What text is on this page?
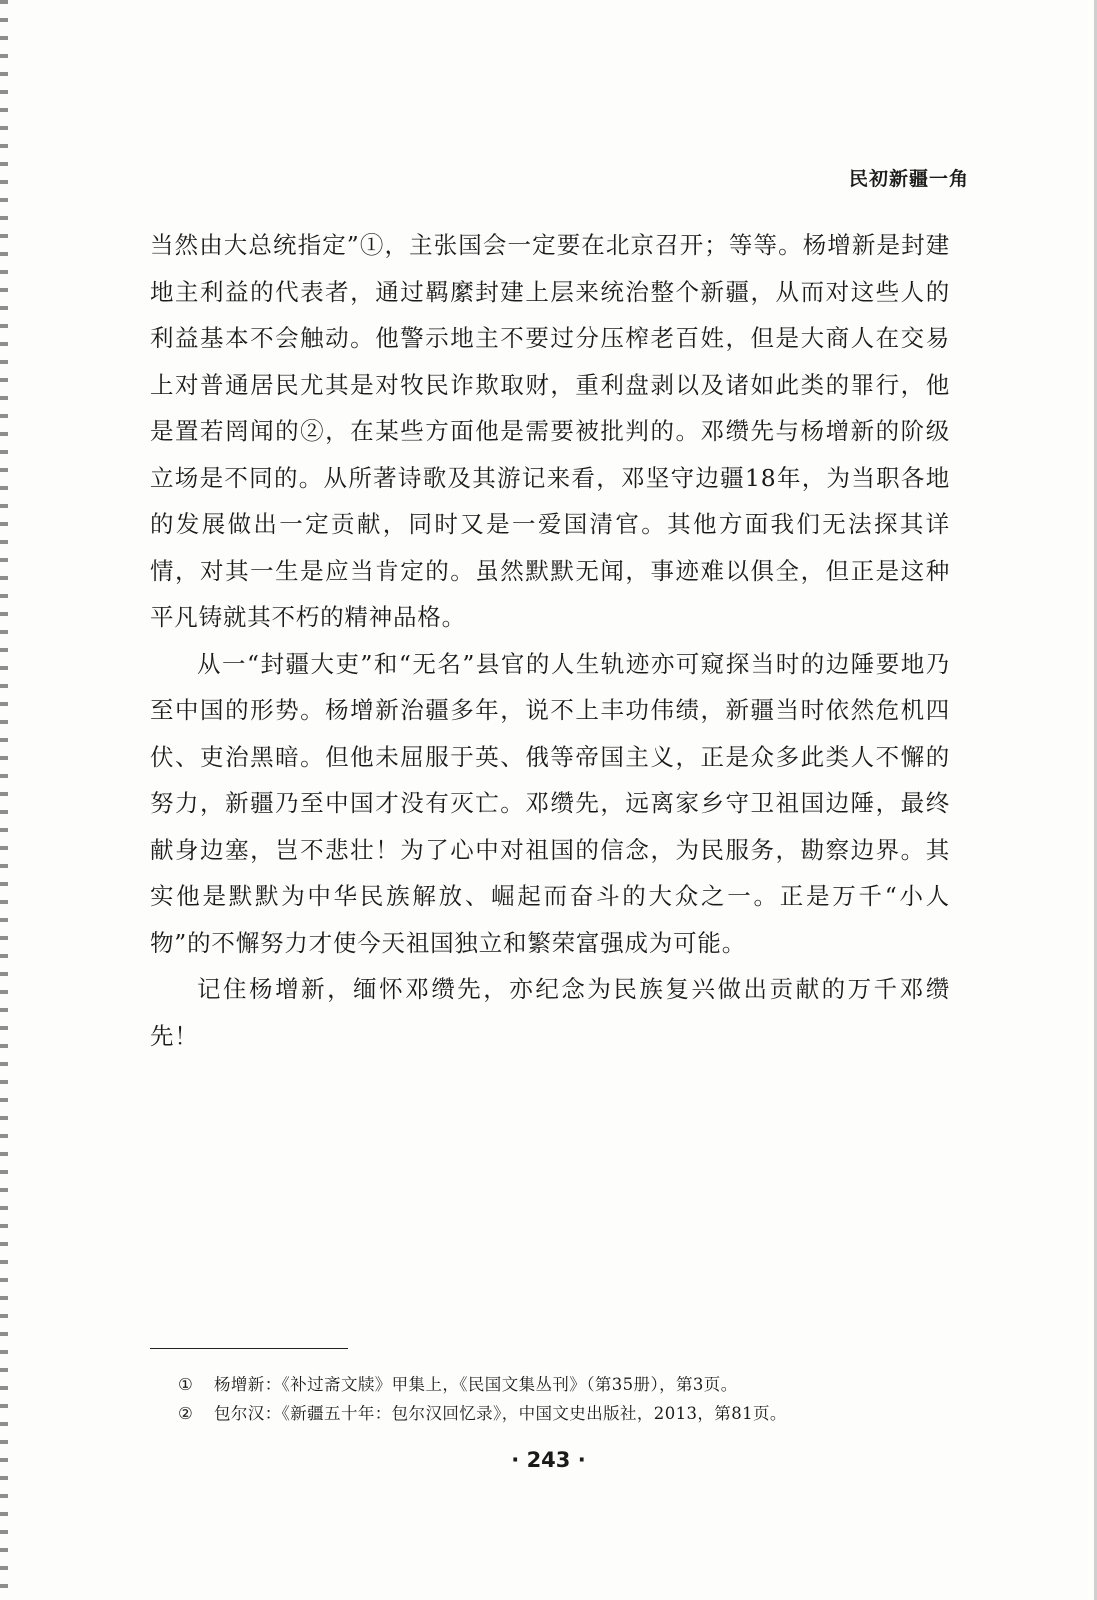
民初新疆一角

当然由大总统指定”①，主张国会一定要在北京召开；等等。杨增新是封建地主利益的代表者，通过羁縻封建上层来统治整个新疆，从而对这些人的利益基本不会触动。他警示地主不要过分压榨老百姓，但是大商人在交易上对普通居民尤其是对牧民诈欺取财，重利盘剥以及诸如此类的罪行，他是置若罔闻的②，在某些方面他是需要被批判的。邓缵先与杨增新的阶级立场是不同的。从所著诗歌及其游记来看，邓坚守边疆18年，为当职各地的发展做出一定贡献，同时又是一爱国清官。其他方面我们无法探其详情，对其一生是应当肯定的。虽然默默无闻，事迹难以俱全，但正是这种平凡铸就其不朽的精神品格。

从一“封疆大吏”和“无名”县官的人生轨迹亦可窥探当时的边陲要地乃至中国的形势。杨增新治疆多年，说不上丰功伟绩，新疆当时依然危机四伏、吏治黑暗。但他未屈服于英、俄等帝国主义，正是众多此类人不懈的努力，新疆乃至中国才没有灭亡。邓缵先，远离家乡守卫祖国边陲，最终献身边塞，岂不悲壮！为了心中对祖国的信念，为民服务，勘察边界。其实他是默默为中华民族解放、崛起而奋斗的大众之一。正是万千“小人物”的不懈努力才使今天祖国独立和繁荣富强成为可能。

记住杨增新，缅怀邓缵先，亦纪念为民族复兴做出贡献的万千邓缵先！

①	杨增新：《补过斋文牍》甲集上，《民国文集丛刊》（第35册），第3页。
②	包尔汉：《新疆五十年：包尔汉回忆录》，中国文史出版社，2013，第81页。
· 243 ·
